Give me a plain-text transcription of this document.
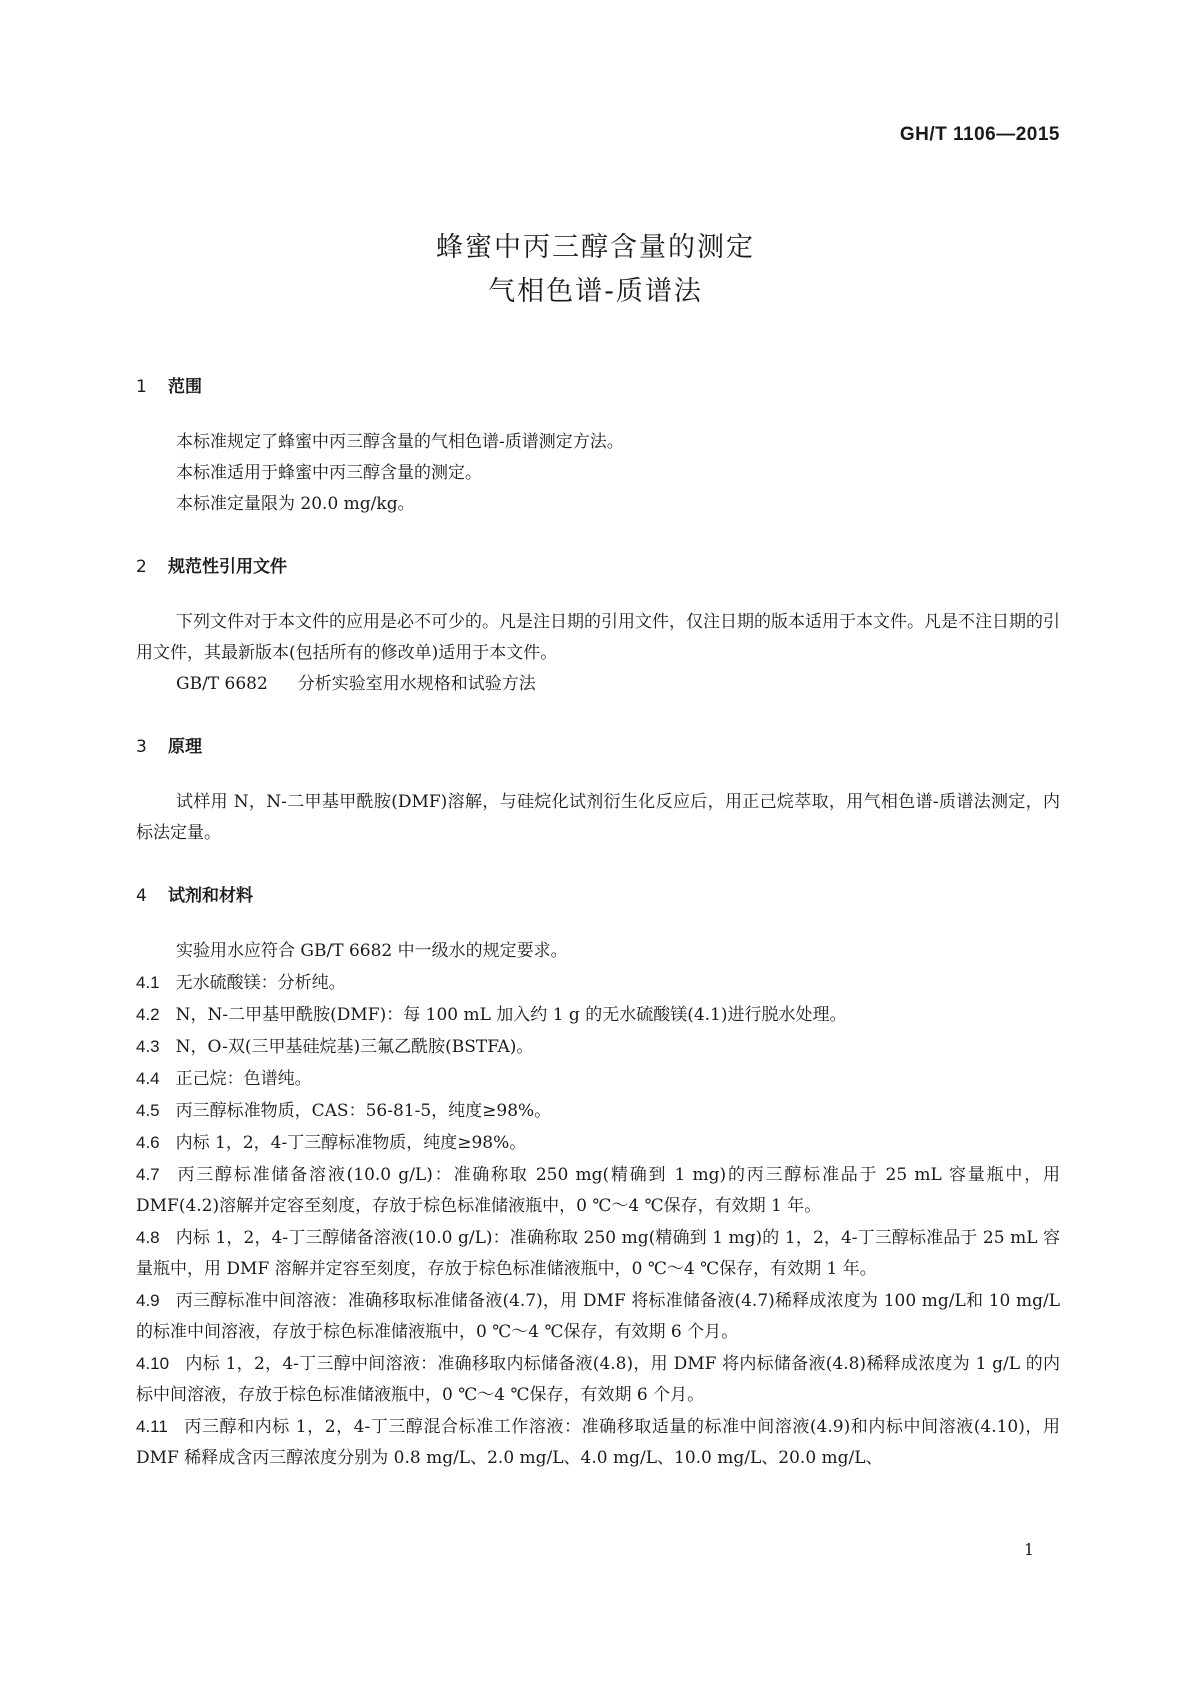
GH/T 1106—2015
蜂蜜中丙三醇含量的测定
气相色谱-质谱法
1 范围

本标准规定了蜂蜜中丙三醇含量的气相色谱-质谱测定方法。

本标准适用于蜂蜜中丙三醇含量的测定。

本标准定量限为 20.0 mg/kg。

2 规范性引用文件

下列文件对于本文件的应用是必不可少的。凡是注日期的引用文件，仅注日期的版本适用于本文件。凡是不注日期的引用文件，其最新版本(包括所有的修改单)适用于本文件。

GB/T 6682 分析实验室用水规格和试验方法

3 原理

试样用 N，N-二甲基甲酰胺(DMF)溶解，与硅烷化试剂衍生化反应后，用正己烷萃取，用气相色谱-质谱法测定，内标法定量。

4 试剂和材料

实验用水应符合 GB/T 6682 中一级水的规定要求。

4.1 无水硫酸镁：分析纯。

4.2 N，N-二甲基甲酰胺(DMF)：每 100 mL 加入约 1 g 的无水硫酸镁(4.1)进行脱水处理。

4.3 N，O-双(三甲基硅烷基)三氟乙酰胺(BSTFA)。

4.4 正己烷：色谱纯。

4.5 丙三醇标准物质，CAS：56-81-5，纯度≥98%。

4.6 内标 1，2，4-丁三醇标准物质，纯度≥98%。

4.7 丙三醇标准储备溶液(10.0 g/L)：准确称取 250 mg(精确到 1 mg)的丙三醇标准品于 25 mL 容量瓶中，用 DMF(4.2)溶解并定容至刻度，存放于棕色标准储液瓶中，0 ℃～4 ℃保存，有效期 1 年。

4.8 内标 1，2，4-丁三醇储备溶液(10.0 g/L)：准确称取 250 mg(精确到 1 mg)的 1，2，4-丁三醇标准品于 25 mL 容量瓶中，用 DMF 溶解并定容至刻度，存放于棕色标准储液瓶中，0 ℃～4 ℃保存，有效期 1 年。

4.9 丙三醇标准中间溶液：准确移取标准储备液(4.7)，用 DMF 将标准储备液(4.7)稀释成浓度为 100 mg/L和 10 mg/L 的标准中间溶液，存放于棕色标准储液瓶中，0 ℃～4 ℃保存，有效期 6 个月。

4.10 内标 1，2，4-丁三醇中间溶液：准确移取内标储备液(4.8)，用 DMF 将内标储备液(4.8)稀释成浓度为 1 g/L 的内标中间溶液，存放于棕色标准储液瓶中，0 ℃～4 ℃保存，有效期 6 个月。

4.11 丙三醇和内标 1，2，4-丁三醇混合标准工作溶液：准确移取适量的标准中间溶液(4.9)和内标中间溶液(4.10)，用 DMF 稀释成含丙三醇浓度分别为 0.8 mg/L、2.0 mg/L、4.0 mg/L、10.0 mg/L、20.0 mg/L、

1
